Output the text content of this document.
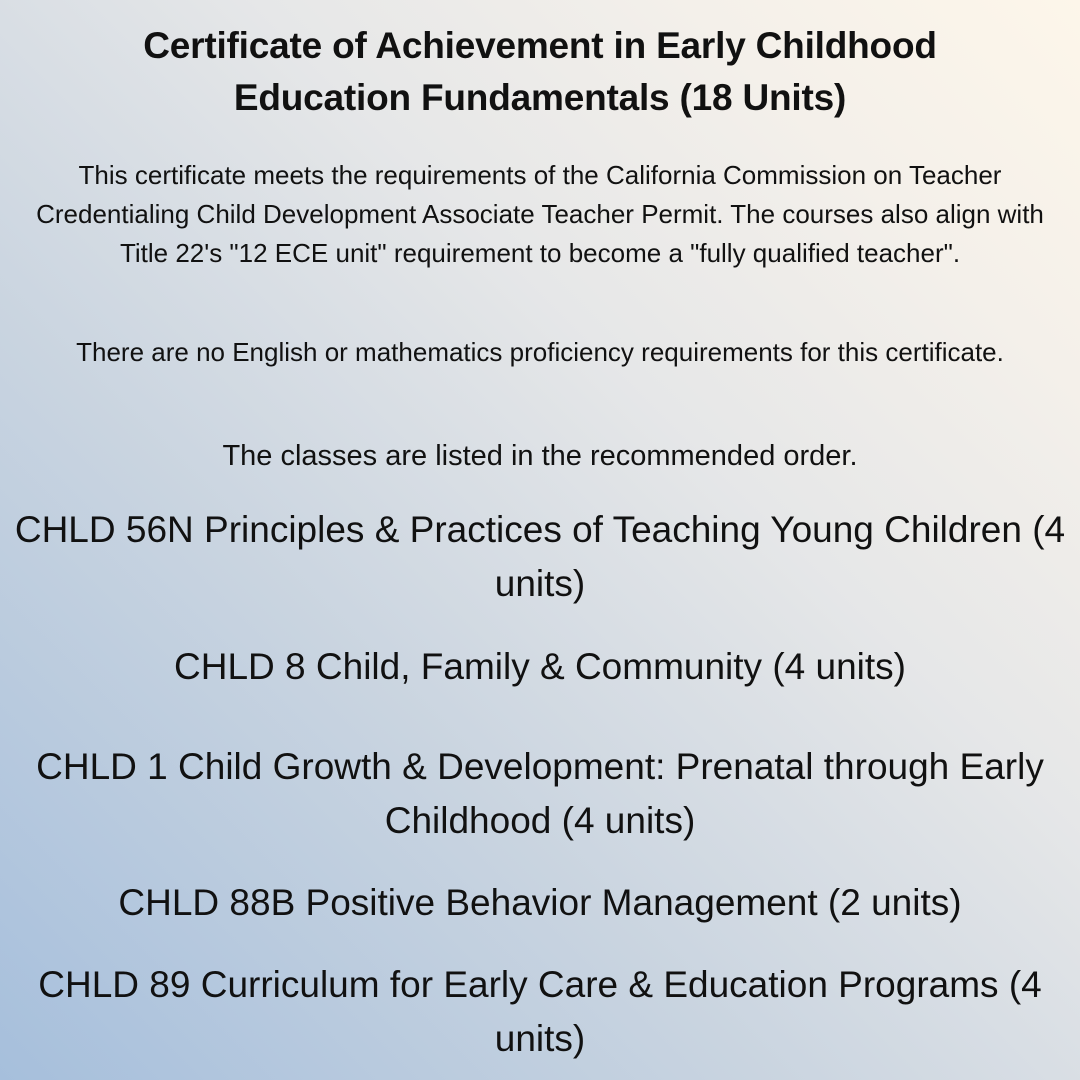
Certificate of Achievement in Early Childhood
Education Fundamentals (18 Units)
This certificate meets the requirements of the California Commission on Teacher Credentialing Child Development Associate Teacher Permit. The courses also align with Title 22's "12 ECE unit" requirement to become a "fully qualified teacher".
There are no English or mathematics proficiency requirements for this certificate.
The classes are listed in the recommended order.
CHLD 56N Principles & Practices of Teaching Young Children (4 units)
CHLD 8 Child, Family & Community (4 units)
CHLD 1 Child Growth & Development: Prenatal through Early Childhood (4 units)
CHLD 88B Positive Behavior Management (2 units)
CHLD 89 Curriculum for Early Care & Education Programs (4 units)
